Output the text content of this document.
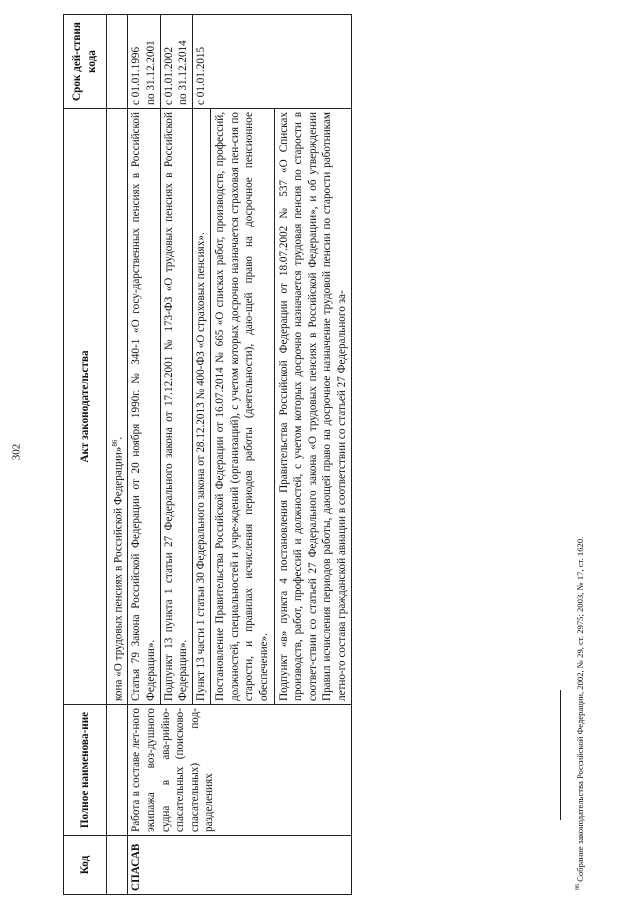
302
Код	Полное наименова-ние	Акт законодательства	Срок дей-ствия кода
		кона «О трудовых пенсиях в Российской Федерации»$^{86}$.	
СПАСАВ	Работа в составе лет-ного экипажа воз-душного судна в ава-рийно-спасательных (поисково-спасательных) под-разделениях	Статья 79 Закона Российской Федерации от 20 ноября 1990г. № 340-1 «О госу-дарственных пенсиях в Российской Федерации».	с 01.01.1996 по 31.12.2001

		Подпункт 13 пункта 1 статьи 27 Федерального закона от 17.12.2001 № 173-ФЗ «О трудовых пенсиях в Российской Федерации».	с 01.01.2002 по 31.12.2014

		Пункт 13 части 1 статьи 30 Федерального закона от 28.12.2013 № 400-ФЗ «О страховых пенсиях». Постановление Правительства Российской Федерации от 16.07.2014 № 665 «О списках работ, производств, профессий, должностей, специальностей и учре-ждений (организаций), с учетом которых досрочно назначается страховая пен-сия по старости, и правилах исчисления периодов работы (деятельности), даю-щей право на досрочное пенсионное обеспечение». Подпункт «в» пункта 4 постановления Правительства Российской Федерации от 18.07.2002 № 537 «О Списках производств, работ, профессий и должностей, с учетом которых досрочно назначается трудовая пенсия по старости в соответ-ствии со статьей 27 Федерального закона «О трудовых пенсиях в Российской Федерации», и об утверждении Правил исчисления периодов работы, дающей право на досрочное назначение трудовой пенсии по старости работникам летно-го состава гражданской авиации в соответствии со статьей 27 Федерального за-	с 01.01.2015
$^{86}$ Собрание законодательства Российской Федерации, 2002, № 29, ст. 2975; 2003, № 17, ст. 1620.
